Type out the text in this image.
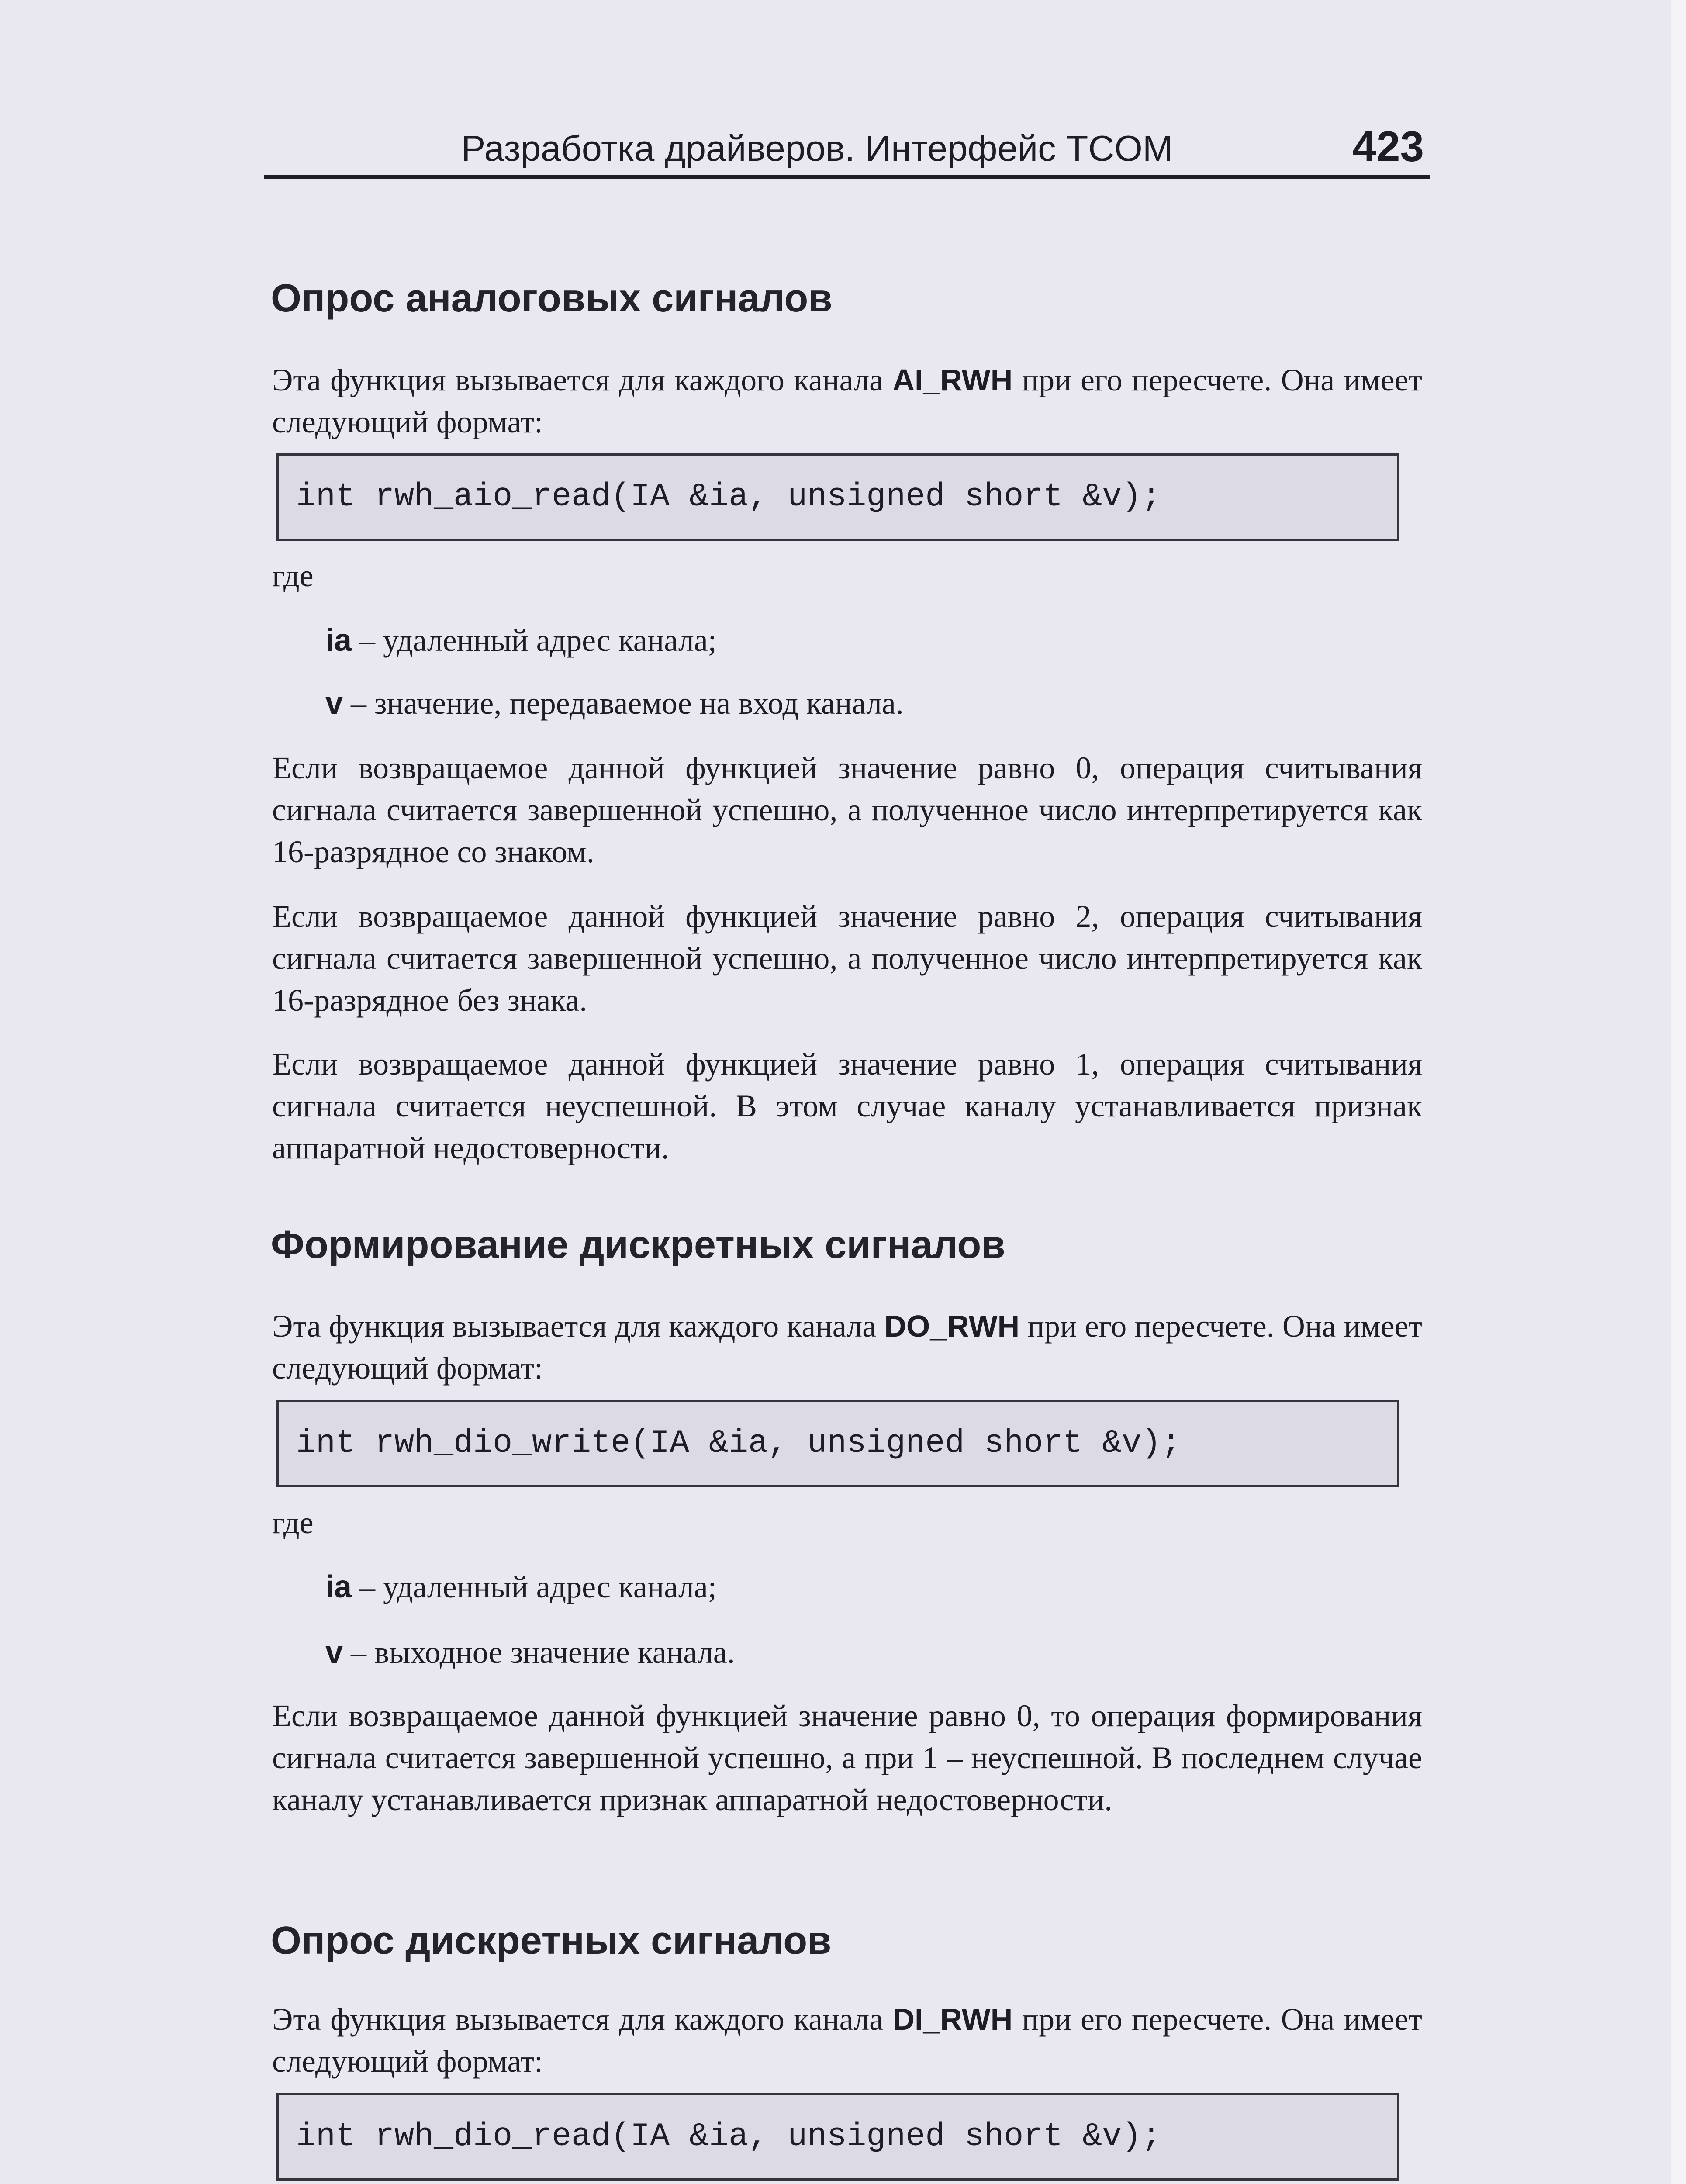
Разработка драйверов. Интерфейс TCOM	423
Опрос аналоговых сигналов

Эта функция вызывается для каждого канала AI_RWH при его пересчете. Она имеет следующий формат:

int rwh_aio_read(IA &ia, unsigned short &v);
где
ia – удаленный адрес канала;
v – значение, передаваемое на вход канала.

Если возвращаемое данной функцией значение равно 0, операция считывания сигнала считается завершенной успешно, а полученное число интерпретируется как 16-разрядное со знаком.

Если возвращаемое данной функцией значение равно 2, операция считывания сигнала считается завершенной успешно, а полученное число интерпретируется как 16-разрядное без знака.

Если возвращаемое данной функцией значение равно 1, операция считывания сигнала считается неуспешной. В этом случае каналу устанавливается признак аппаратной недостоверности.

Формирование дискретных сигналов

Эта функция вызывается для каждого канала DO_RWH при его пересчете. Она имеет следующий формат:

int rwh_dio_write(IA &ia, unsigned short &v);
где
ia – удаленный адрес канала;
v – выходное значение канала.

Если возвращаемое данной функцией значение равно 0, то операция формирования сигнала считается завершенной успешно, а при 1 – неуспешной. В последнем случае каналу устанавливается признак аппаратной недостоверности.

Опрос дискретных сигналов

Эта функция вызывается для каждого канала DI_RWH при его пересчете. Она имеет следующий формат:

int rwh_dio_read(IA &ia, unsigned short &v);
